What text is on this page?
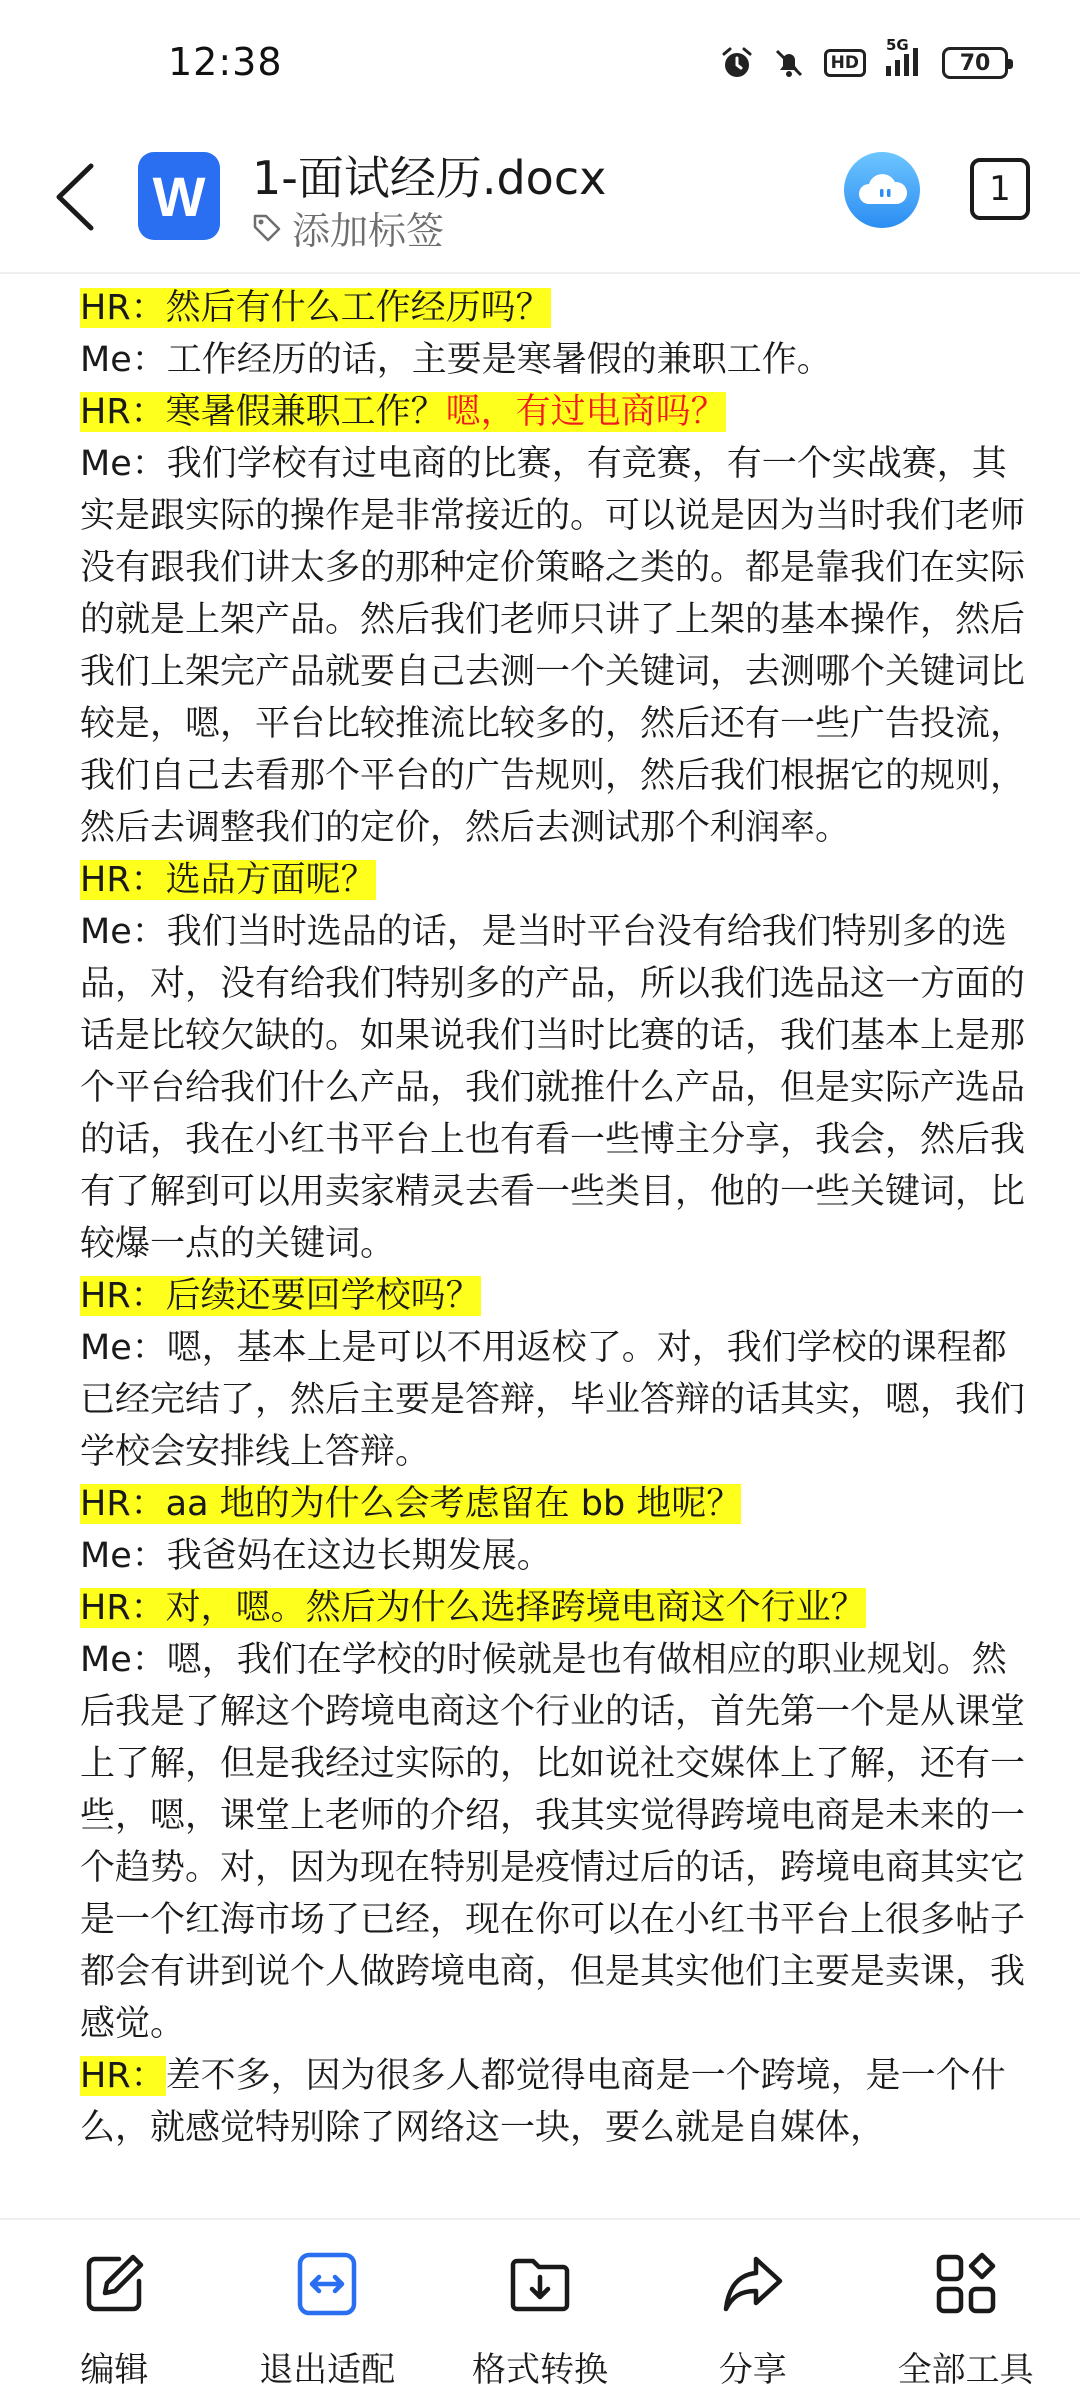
12:38	HD
5G
70
W	1-面试经历.docx
添加标签
1

HR：然后有什么工作经历吗？

Me：工作经历的话，主要是寒暑假的兼职工作。

HR：寒暑假兼职工作？嗯，有过电商吗？

Me：我们学校有过电商的比赛，有竞赛，有一个实战赛，其实是跟实际的操作是非常接近的。可以说是因为当时我们老师没有跟我们讲太多的那种定价策略之类的。都是靠我们在实际的就是上架产品。然后我们老师只讲了上架的基本操作，然后我们上架完产品就要自己去测一个关键词，去测哪个关键词比较是，嗯，平台比较推流比较多的，然后还有一些广告投流，我们自己去看那个平台的广告规则，然后我们根据它的规则，然后去调整我们的定价，然后去测试那个利润率。

HR：选品方面呢？

Me：我们当时选品的话，是当时平台没有给我们特别多的选品，对，没有给我们特别多的产品，所以我们选品这一方面的话是比较欠缺的。如果说我们当时比赛的话，我们基本上是那个平台给我们什么产品，我们就推什么产品，但是实际产选品的话，我在小红书平台上也有看一些博主分享，我会，然后我有了解到可以用卖家精灵去看一些类目，他的一些关键词，比较爆一点的关键词。

HR：后续还要回学校吗？

Me：嗯，基本上是可以不用返校了。对，我们学校的课程都已经完结了，然后主要是答辩，毕业答辩的话其实，嗯，我们学校会安排线上答辩。

HR：aa 地的为什么会考虑留在 bb 地呢？

Me：我爸妈在这边长期发展。

HR：对，嗯。然后为什么选择跨境电商这个行业？

Me：嗯，我们在学校的时候就是也有做相应的职业规划。然后我是了解这个跨境电商这个行业的话，首先第一个是从课堂上了解，但是我经过实际的，比如说社交媒体上了解，还有一些，嗯，课堂上老师的介绍，我其实觉得跨境电商是未来的一个趋势。对，因为现在特别是疫情过后的话，跨境电商其实它是一个红海市场了已经，现在你可以在小红书平台上很多帖子都会有讲到说个人做跨境电商，但是其实他们主要是卖课，我感觉。

HR：差不多，因为很多人都觉得电商是一个跨境，是一个什么，就感觉特别除了网络这一块，要么就是自媒体，

编辑	退出适配 格式转换	分享	全部工具
